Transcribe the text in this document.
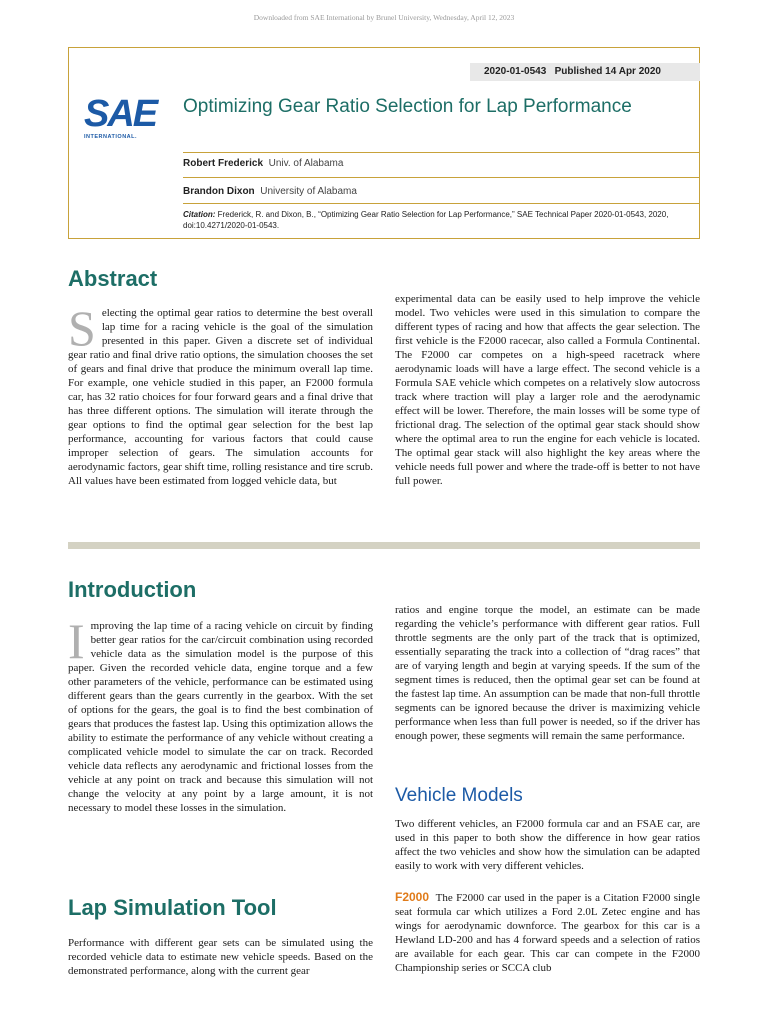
Downloaded from SAE International by Brunel University, Wednesday, April 12, 2023
2020-01-0543 Published 14 Apr 2020
SAE
INTERNATIONAL.
Optimizing Gear Ratio Selection for Lap Performance
Robert Frederick Univ. of Alabama
Brandon Dixon University of Alabama
Citation: Frederick, R. and Dixon, B., “Optimizing Gear Ratio Selection for Lap Performance,” SAE Technical Paper 2020-01-0543, 2020, doi:10.4271/2020-01-0543.
Abstract
Selecting the optimal gear ratios to determine the best overall lap time for a racing vehicle is the goal of the simulation presented in this paper. Given a discrete set of individual gear ratio and final drive ratio options, the simulation chooses the set of gears and final drive that produce the minimum overall lap time. For example, one vehicle studied in this paper, an F2000 formula car, has 32 ratio choices for four forward gears and a final drive that has three different options. The simulation will iterate through the gear options to find the optimal gear selection for the best lap performance, accounting for various factors that could cause improper selection of gears. The simulation accounts for aerodynamic factors, gear shift time, rolling resistance and tire scrub. All values have been estimated from logged vehicle data, but
experimental data can be easily used to help improve the vehicle model. Two vehicles were used in this simulation to compare the different types of racing and how that affects the gear selection. The first vehicle is the F2000 racecar, also called a Formula Continental. The F2000 car competes on a high-speed racetrack where aerodynamic loads will have a large effect. The second vehicle is a Formula SAE vehicle which competes on a relatively slow autocross track where traction will play a larger role and the aerodynamic effect will be lower. Therefore, the main losses will be some type of frictional drag. The selection of the optimal gear stack should show where the optimal area to run the engine for each vehicle is located. The optimal gear stack will also highlight the key areas where the vehicle needs full power and where the trade-off is better to not have full power.
Introduction
Improving the lap time of a racing vehicle on circuit by finding better gear ratios for the car/circuit combination using recorded vehicle data as the simulation model is the purpose of this paper. Given the recorded vehicle data, engine torque and a few other parameters of the vehicle, performance can be estimated using different gears than the gears currently in the gearbox. With the set of options for the gears, the goal is to find the best combination of gears that produces the fastest lap. Using this optimization allows the ability to estimate the performance of any vehicle without creating a complicated vehicle model to simulate the car on track. Recorded vehicle data reflects any aerodynamic and frictional losses from the vehicle at any point on track and because this simulation will not change the velocity at any point by a large amount, it is not necessary to model these losses in the simulation.
ratios and engine torque the model, an estimate can be made regarding the vehicle’s performance with different gear ratios. Full throttle segments are the only part of the track that is optimized, essentially separating the track into a collection of “drag races” that are of varying length and begin at varying speeds. If the sum of the segment times is reduced, then the optimal gear set can be found at the fastest lap time. An assumption can be made that non-full throttle segments can be ignored because the driver is maximizing vehicle performance when less than full power is needed, so if the driver has enough power, these segments will remain the same performance.
Lap Simulation Tool
Performance with different gear sets can be simulated using the recorded vehicle data to estimate new vehicle speeds. Based on the demonstrated performance, along with the current gear
Vehicle Models
Two different vehicles, an F2000 formula car and an FSAE car, are used in this paper to both show the difference in how gear ratios affect the two vehicles and show how the simulation can be adapted easily to work with very different vehicles.
F2000 The F2000 car used in the paper is a Citation F2000 single seat formula car which utilizes a Ford 2.0L Zetec engine and has wings for aerodynamic downforce. The gearbox for this car is a Hewland LD-200 and has 4 forward speeds and a selection of ratios are available for each gear. This car can compete in the F2000 Championship series or SCCA club
